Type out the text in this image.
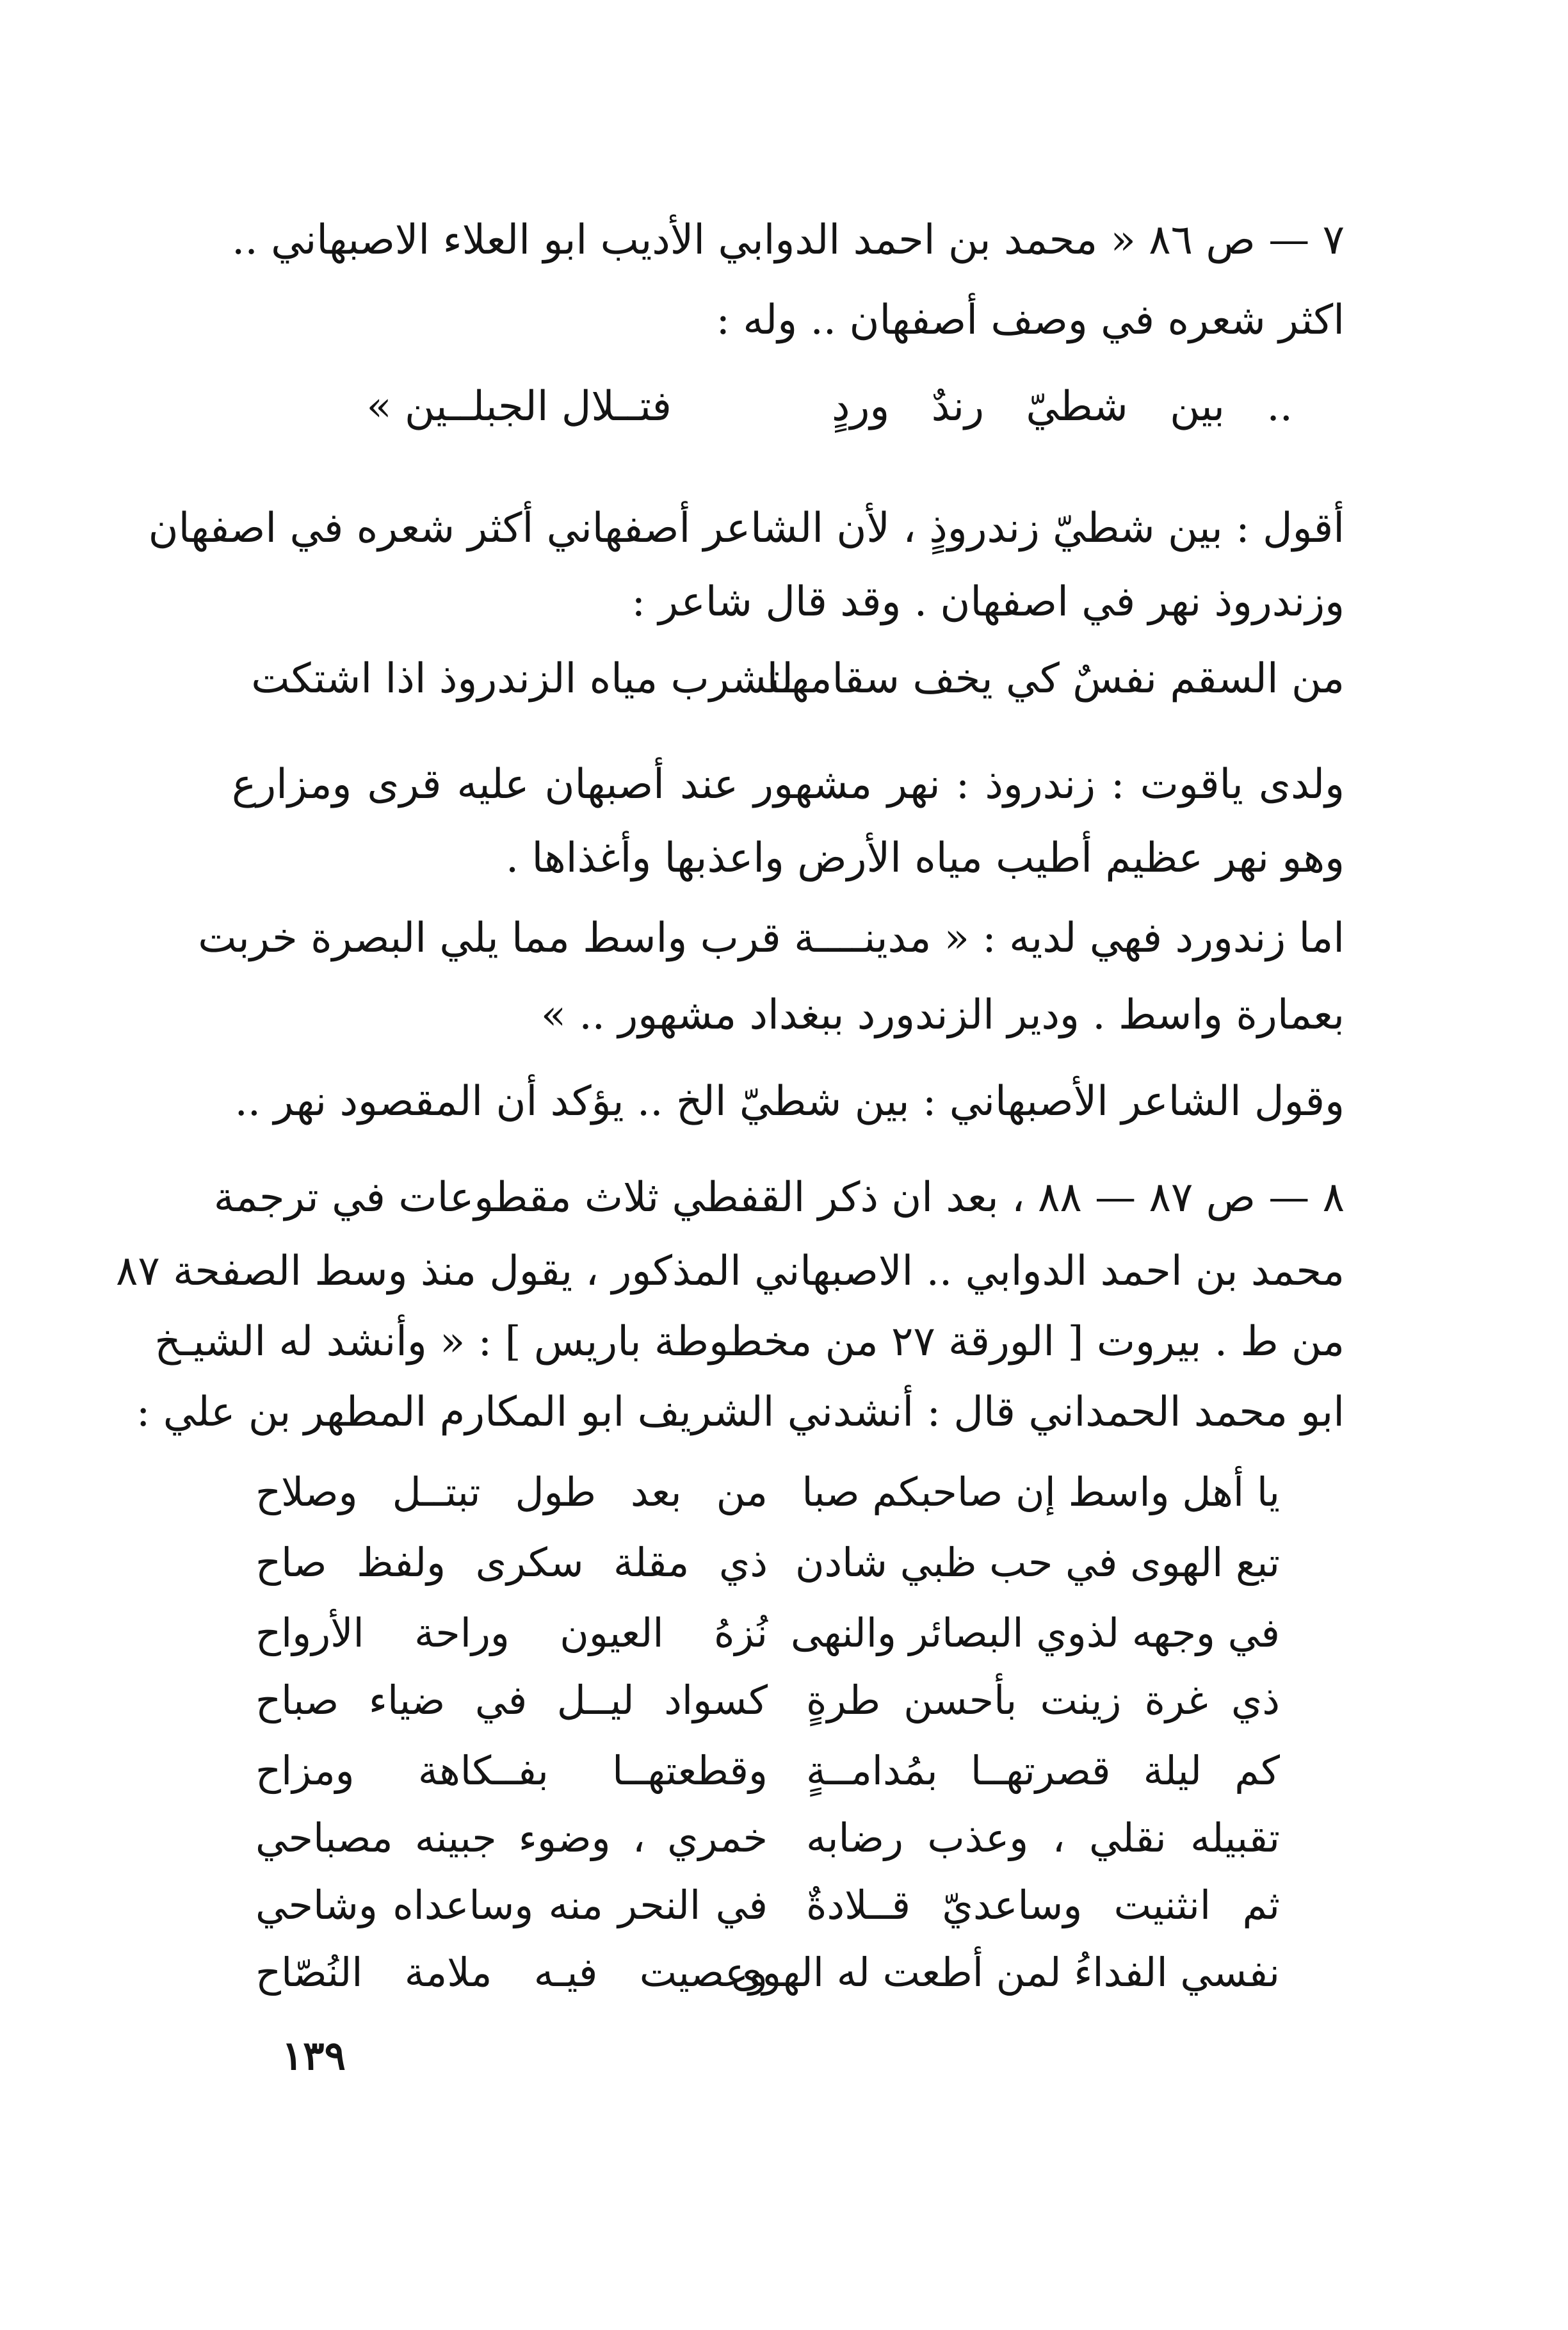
٧ — ص ٨٦ « محمد بن احمد الدوابي الأديب ابو العلاء الاصبهاني ..
اكثر شعره في وصف أصفهان .. وله :
.. بين شطيّ رندٌ وردٍ
فتــلال الجبلــين »
أقول : بين شطيّ زندروذٍ ، لأن الشاعر أصفهاني أكثر شعره في اصفهان
وزندروذ نهر في اصفهان . وقد قال شاعر :
لتشرب مياه الزندروذ اذا اشتكت
من السقم نفسٌ كي يخف سقامهـا
ولدى ياقوت : زندروذ : نهر مشهور عند أصبهان عليه قرى ومزارع
وهو نهر عظيم أطيب مياه الأرض واعذبها وأغذاها .
اما زندورد فهي لديه : « مدينــــة قرب واسط مما يلي البصرة خربت
بعمارة واسط . ودير الزندورد ببغداد مشهور .. »
وقول الشاعر الأصبهاني : بين شطيّ الخ .. يؤكد أن المقصود نهر ..
٨ — ص ٨٧ — ٨٨ ، بعد ان ذكر القفطي ثلاث مقطوعات في ترجمة
محمد بن احمد الدوابي .. الاصبهاني المذكور ، يقول منذ وسط الصفحة ٨٧
من ط . بيروت [ الورقة ٢٧ من مخطوطة باريس ] : « وأنشد له الشيـخ
ابو محمد الحمداني قال : أنشدني الشريف ابو المكارم المطهر بن علي :
يا أهل واسط إن صاحبكم صبا
من بعد طول تبتــل وصلاح
تبع الهوى في حب ظبي شادن
ذي مقلة سكرى ولفظ صاح
في وجهه لذوي البصائر والنهى
نُزهُ العيون وراحة الأرواح
ذي غرة زينت بأحسن طرةٍ
كسواد ليــل في ضياء صباح
كم ليلة قصرتهــا بمُدامــةٍ
وقطعتهــا بفــكاهة ومزاح
تقبيله نقلي ، وعذب رضابه
خمري ، وضوء جبينه مصباحي
ثم انثنيت وساعديّ قــلادةٌ
في النحر منه وساعداه وشاحي
نفسي الفداءُ لمن أطعت له الهوى
وعصيت فيـه ملامة النُصّاح
١٣٩
